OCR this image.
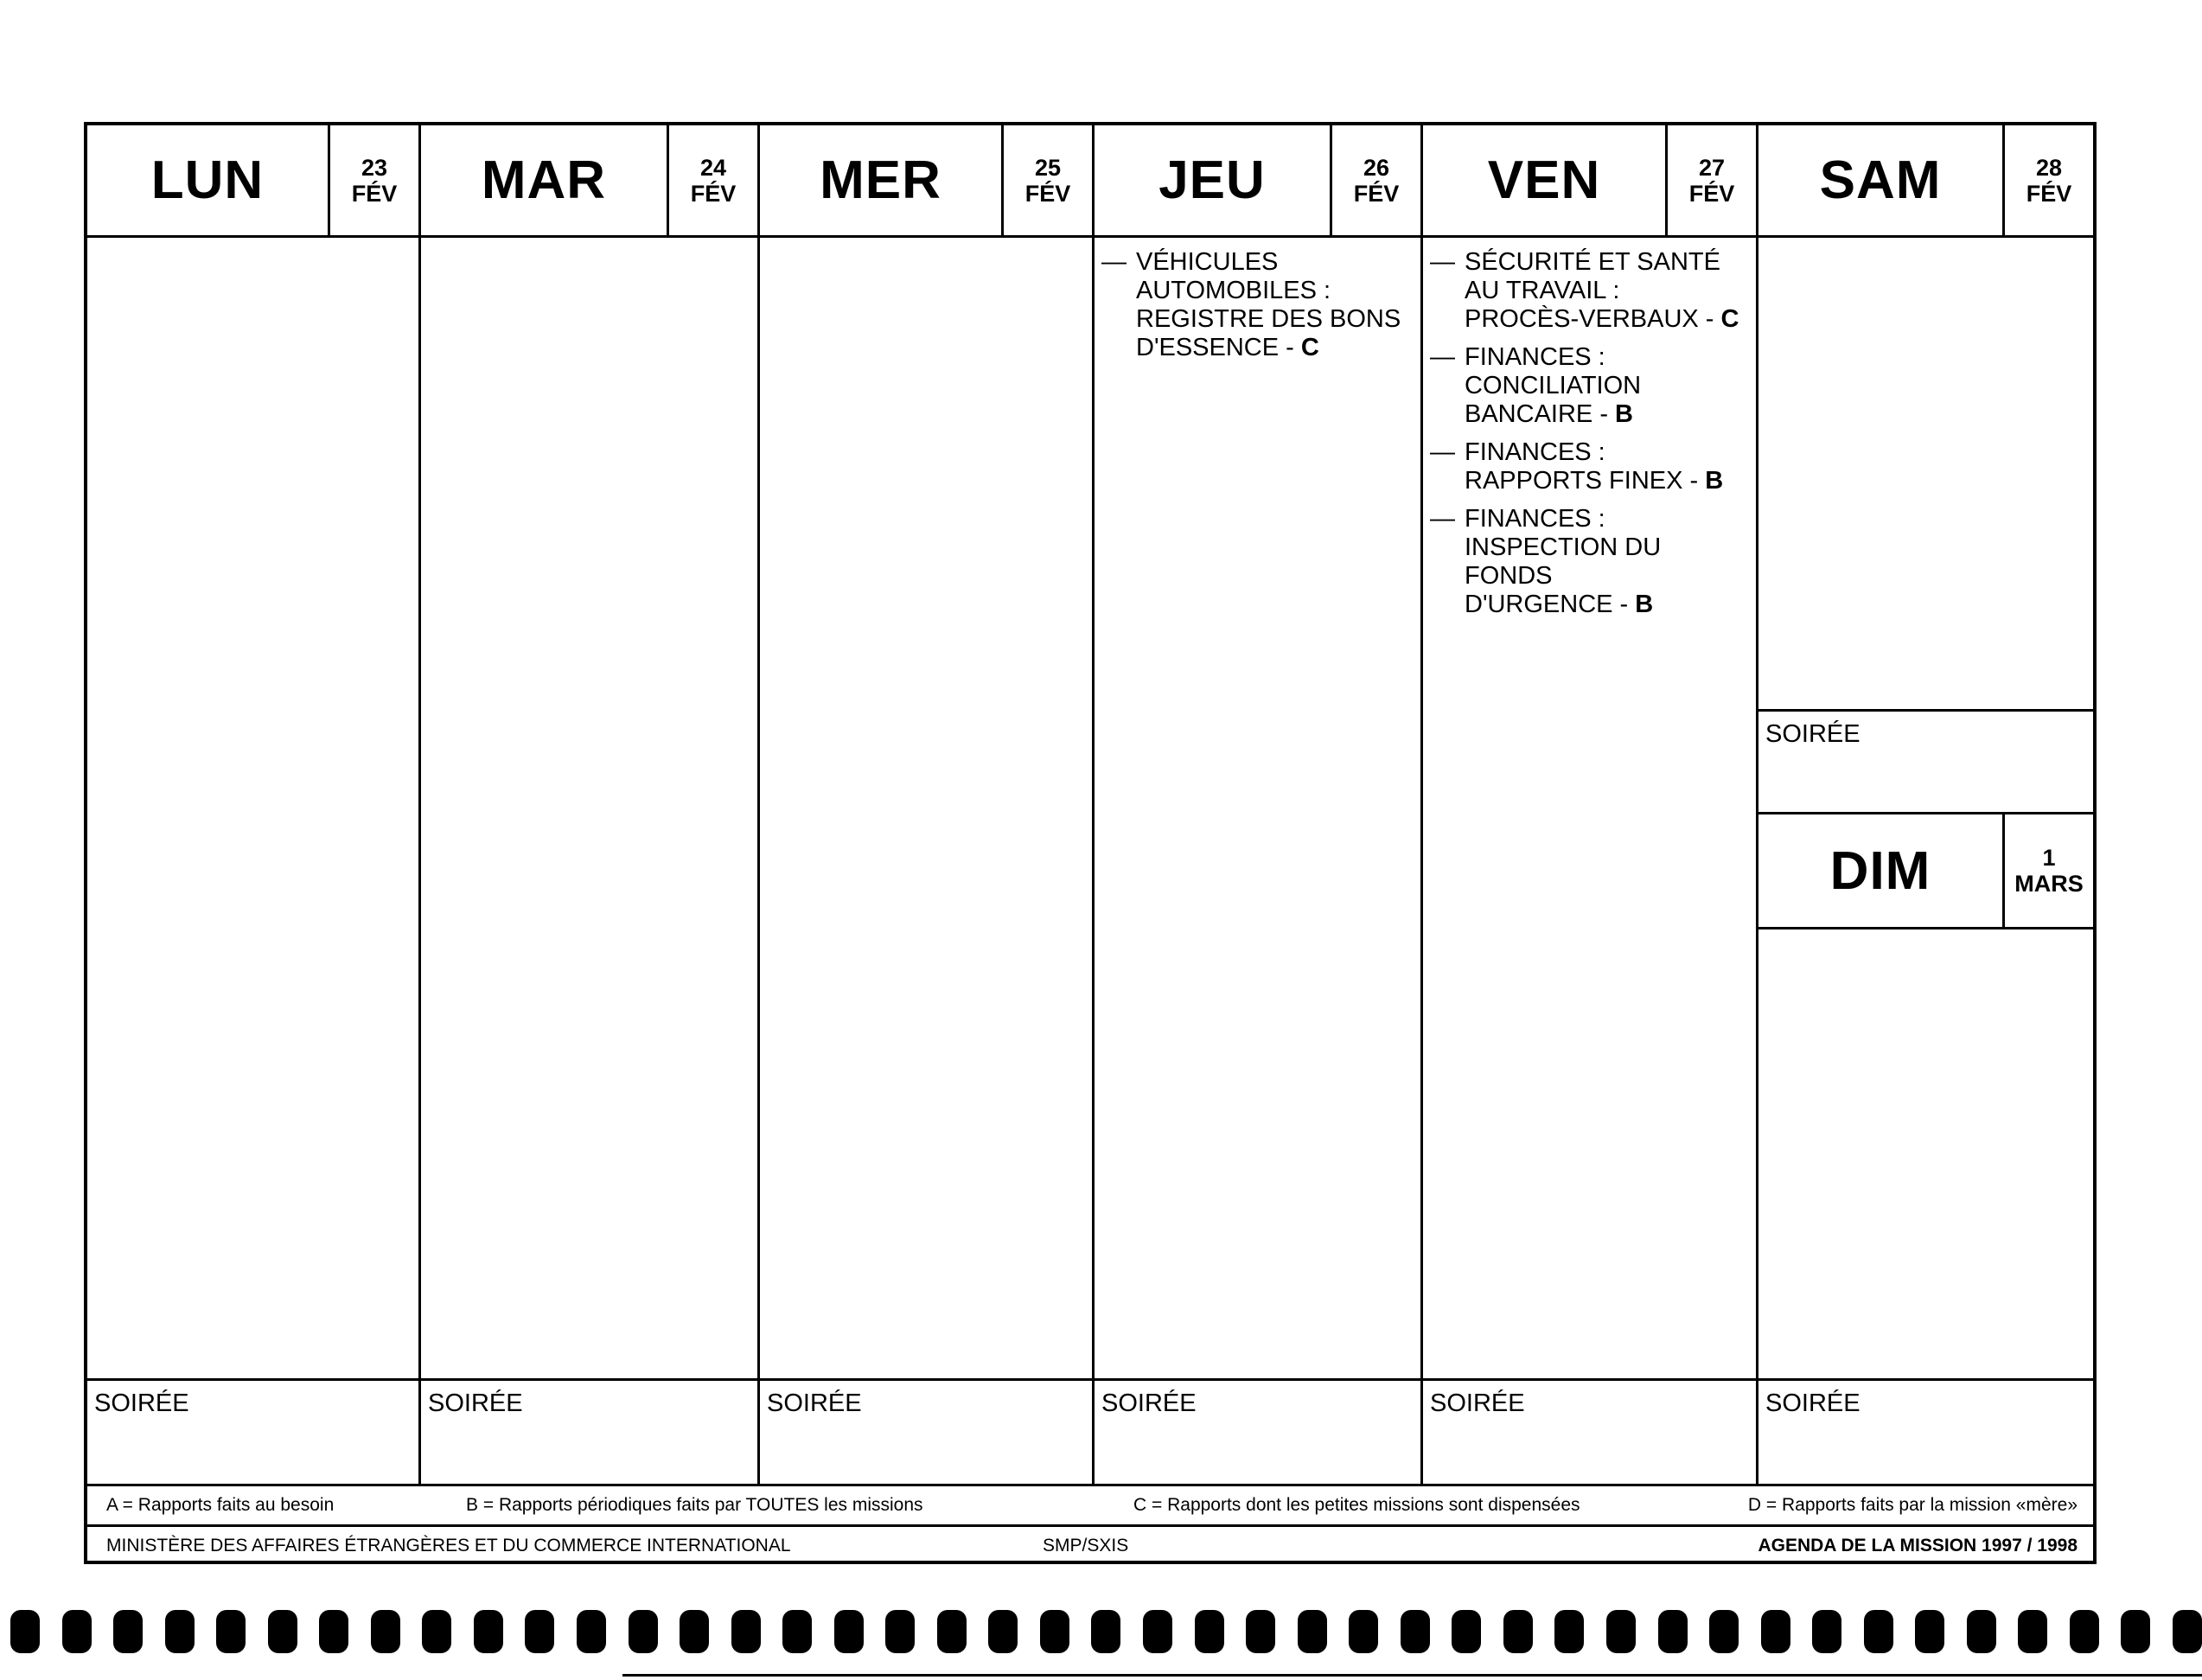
LUN	23
FÉV
SOIRÉE
MAR	24
FÉV
SOIRÉE
MER	25
FÉV
SOIRÉE
JEU	26
FÉV
— VÉHICULES
AUTOMOBILES :
REGISTRE DES BONS
D'ESSENCE - C
SOIRÉE
VEN	27
FÉV
— SÉCURITÉ ET SANTÉ
AU TRAVAIL :
PROCÈS-VERBAUX - C
— FINANCES :
CONCILIATION
BANCAIRE - B
— FINANCES :
RAPPORTS FINEX - B
— FINANCES :
INSPECTION DU
FONDS
D'URGENCE - B
SOIRÉE
SAM	28
FÉV
SOIRÉE
DIM	1
MARS
SOIRÉE
A = Rapports faits au besoin	B = Rapports périodiques faits par TOUTES les missions	C = Rapports dont les petites missions sont dispensées	D = Rapports faits par la mission «mère»
MINISTÈRE DES AFFAIRES ÉTRANGÈRES ET DU COMMERCE INTERNATIONAL	SMP/SXIS	AGENDA DE LA MISSION 1997 / 1998
